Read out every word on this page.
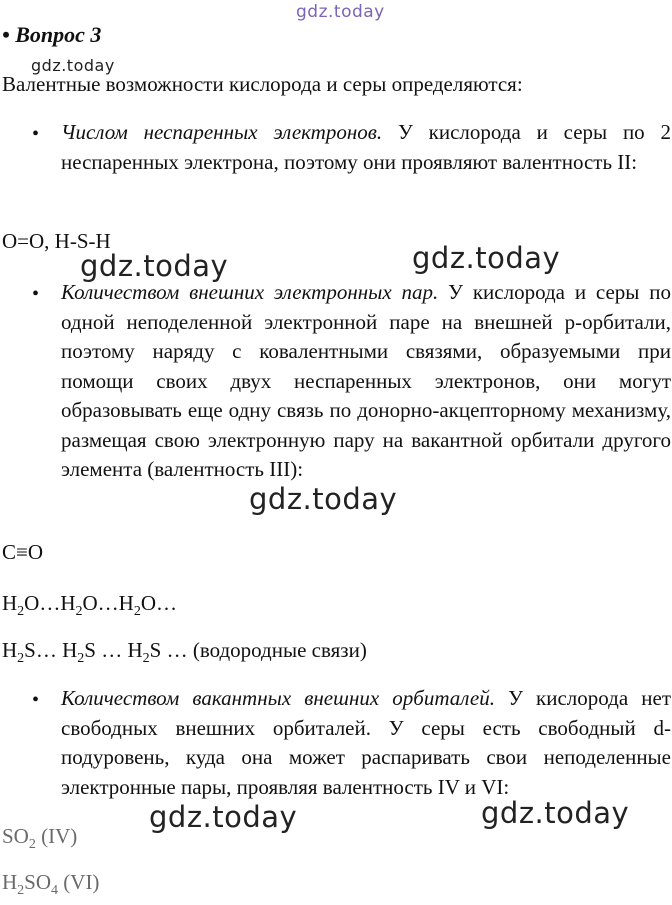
gdz.today
gdz.today
gdz.today	gdz.today
gdz.today
gdz.today	gdz.today
• Вопрос 3
Валентные возможности кислорода и серы определяются:
• Числом неспаренных электронов. У кислорода и серы по 2 неспаренных электрона, поэтому они проявляют валентность II:
O=O, H-S-H
• Количеством внешних электронных пар. У кислорода и серы по одной неподеленной электронной паре на внешней р-орбитали, поэтому наряду с ковалентными связями, образуемыми при помощи своих двух неспаренных электронов, они могут образовывать еще одну связь по донорно-акцепторному механизму, размещая свою электронную пару на вакантной орбитали другого элемента (валентность III):
C≡O
$H_2O\dots H_2O\dots H_2O\dots$
$H_2S\dots$ $H_2S$ … $H_2S$ … (водородные связи)
• Количеством вакантных внешних орбиталей. У кислорода нет свободных внешних орбиталей. У серы есть свободный d-подуровень, куда она может распаривать свои неподеленные электронные пары, проявляя валентность IV и VI:
$SO_2$ (IV)
$H_2SO_4$ (VI)
